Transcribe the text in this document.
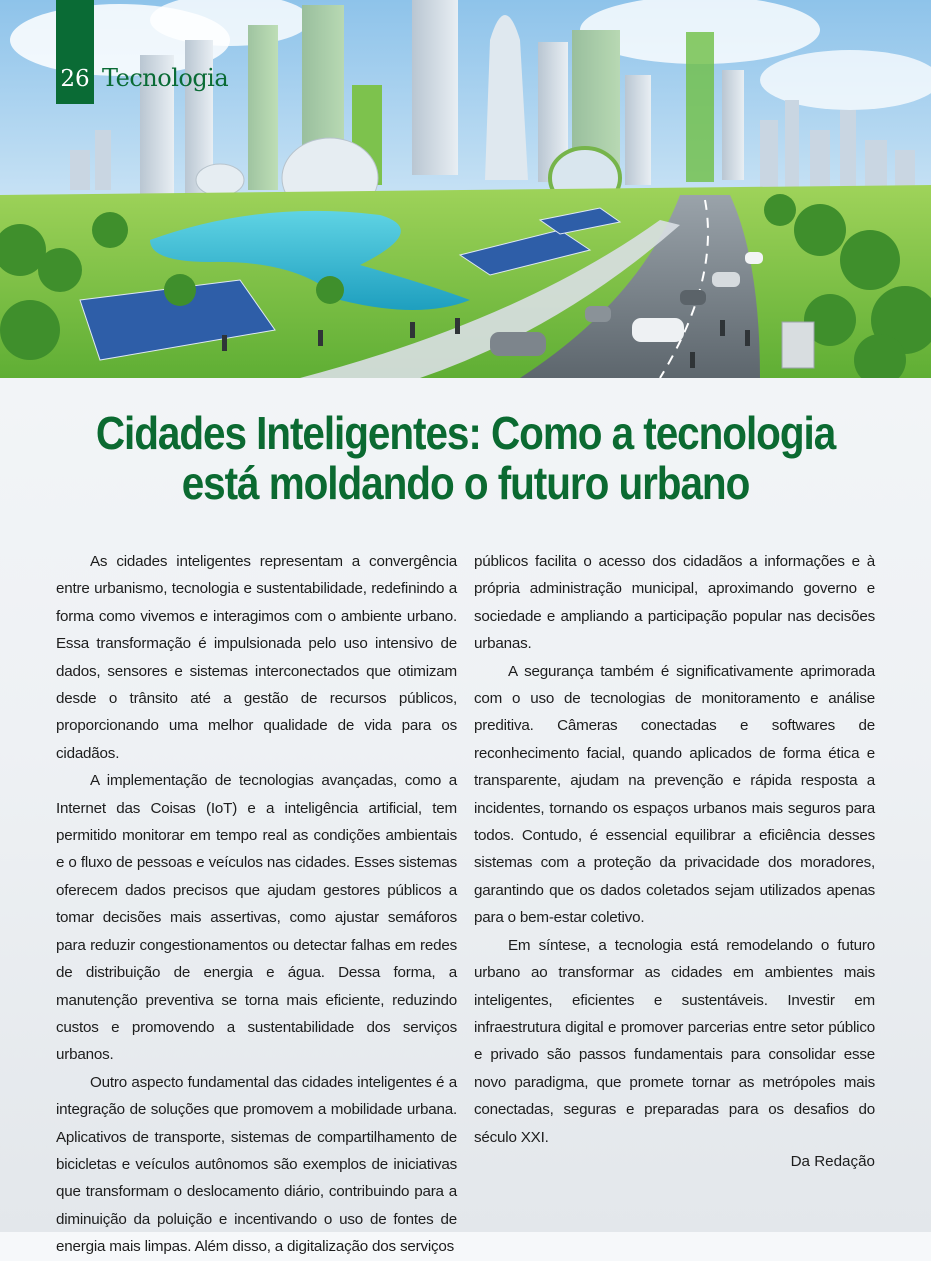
26 Tecnologia
Cidades Inteligentes: Como a tecnologia
está moldando o futuro urbano

As cidades inteligentes representam a convergência entre urbanismo, tecnologia e sustentabilidade, redefinindo a forma como vivemos e interagimos com o ambiente urbano. Essa transformação é impulsionada pelo uso intensivo de dados, sensores e sistemas interconectados que otimizam desde o trânsito até a gestão de recursos públicos, proporcionando uma melhor qualidade de vida para os cidadãos.

A implementação de tecnologias avançadas, como a Internet das Coisas (IoT) e a inteligência artificial, tem permitido monitorar em tempo real as condições ambientais e o fluxo de pessoas e veículos nas cidades. Esses sistemas oferecem dados precisos que ajudam gestores públicos a tomar decisões mais assertivas, como ajustar semáforos para reduzir congestionamentos ou detectar falhas em redes de distribuição de energia e água. Dessa forma, a manutenção preventiva se torna mais eficiente, reduzindo custos e promovendo a sustentabilidade dos serviços urbanos.

Outro aspecto fundamental das cidades inteligentes é a integração de soluções que promovem a mobilidade urbana. Aplicativos de transporte, sistemas de compartilhamento de bicicletas e veículos autônomos são exemplos de iniciativas que transformam o deslocamento diário, contribuindo para a diminuição da poluição e incentivando o uso de fontes de energia mais limpas. Além disso, a digitalização dos serviços

públicos facilita o acesso dos cidadãos a informações e à própria administração municipal, aproximando governo e sociedade e ampliando a participação popular nas decisões urbanas.

A segurança também é significativamente aprimorada com o uso de tecnologias de monitoramento e análise preditiva. Câmeras conectadas e softwares de reconhecimento facial, quando aplicados de forma ética e transparente, ajudam na prevenção e rápida resposta a incidentes, tornando os espaços urbanos mais seguros para todos. Contudo, é essencial equilibrar a eficiência desses sistemas com a proteção da privacidade dos moradores, garantindo que os dados coletados sejam utilizados apenas para o bem-estar coletivo.

Em síntese, a tecnologia está remodelando o futuro urbano ao transformar as cidades em ambientes mais inteligentes, eficientes e sustentáveis. Investir em infraestrutura digital e promover parcerias entre setor público e privado são passos fundamentais para consolidar esse novo paradigma, que promete tornar as metrópoles mais conectadas, seguras e preparadas para os desafios do século XXI.

Da Redação
